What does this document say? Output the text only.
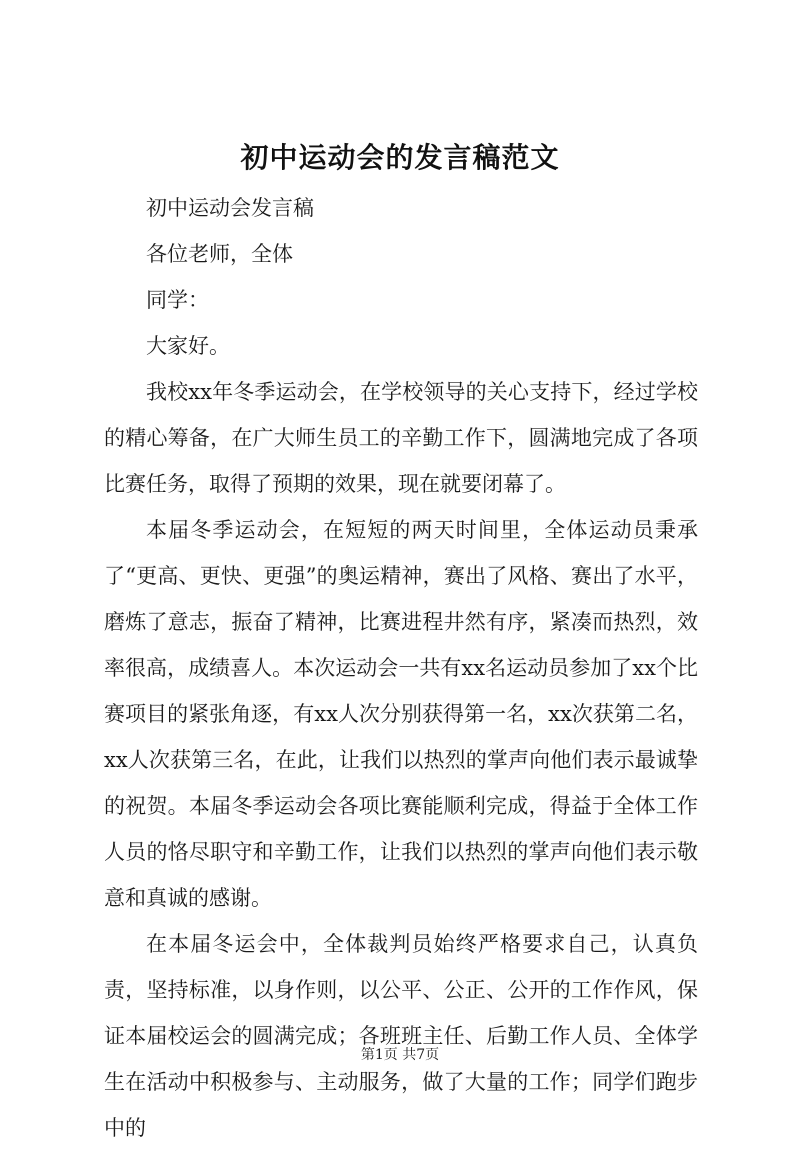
初中运动会的发言稿范文

初中运动会发言稿

各位老师，全体

同学：

大家好。

我校xx年冬季运动会，在学校领导的关心支持下，经过学校的精心筹备，在广大师生员工的辛勤工作下，圆满地完成了各项比赛任务，取得了预期的效果，现在就要闭幕了。

本届冬季运动会，在短短的两天时间里，全体运动员秉承了“更高、更快、更强”的奥运精神，赛出了风格、赛出了水平，磨炼了意志，振奋了精神，比赛进程井然有序，紧凑而热烈，效率很高，成绩喜人。本次运动会一共有xx名运动员参加了xx个比赛项目的紧张角逐，有xx人次分别获得第一名，xx次获第二名，xx人次获第三名，在此，让我们以热烈的掌声向他们表示最诚挚的祝贺。本届冬季运动会各项比赛能顺利完成，得益于全体工作人员的恪尽职守和辛勤工作，让我们以热烈的掌声向他们表示敬意和真诚的感谢。

在本届冬运会中，全体裁判员始终严格要求自己，认真负责，坚持标准，以身作则，以公平、公正、公开的工作作风，保证本届校运会的圆满完成；各班班主任、后勤工作人员、全体学生在活动中积极参与、主动服务，做了大量的工作；同学们跑步中的

第1页 共7页
